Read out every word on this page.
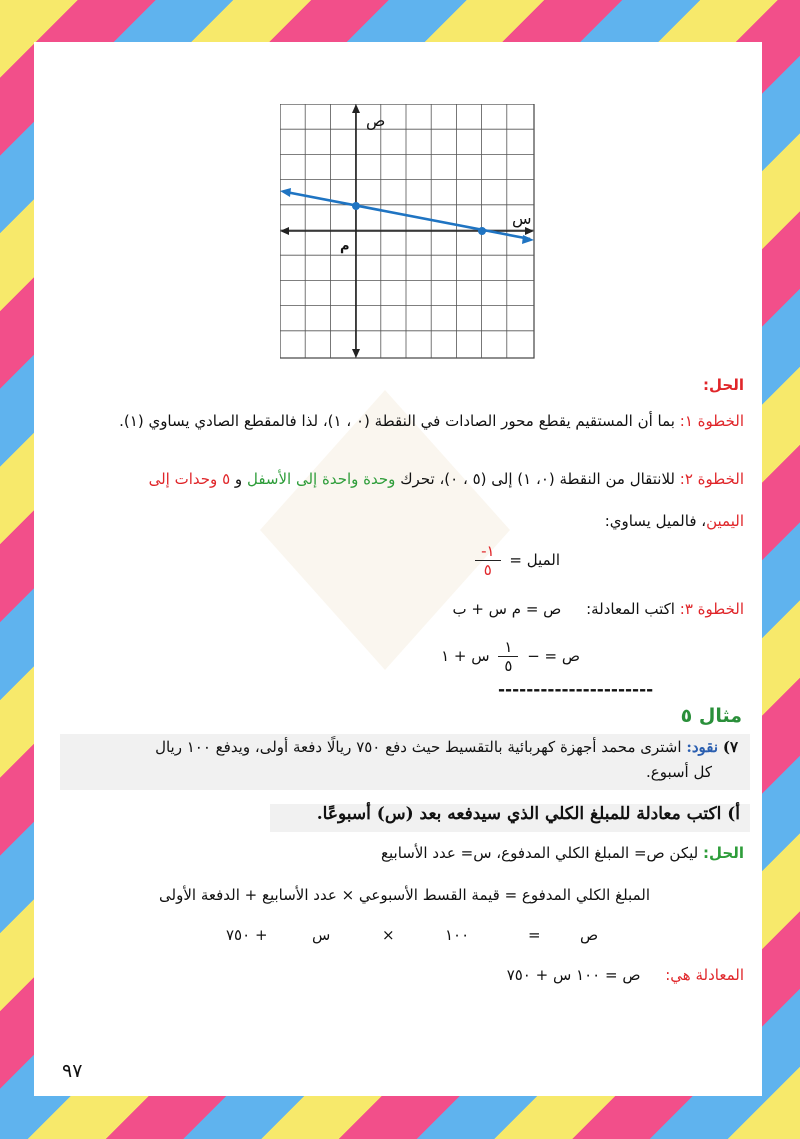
ص
س
م
الحل:
الخطوة ١: بما أن المستقيم يقطع محور الصادات في النقطة (٠ ، ١)، لذا فالمقطع الصادي يساوي (١).
الخطوة ٢: للانتقال من النقطة (٠، ١) إلى (٥ ، ٠)، تحرك وحدة واحدة إلى الأسفل و ٥ وحدات إلى
اليمين، فالميل يساوي:
الميل =
$\frac{-١}{٥}$
الخطوة ٣: اكتب المعادلة: ص = م س + ب
ص = −
$\frac{١}{٥}$
س + ١
----------------------
مثال ٥
٧) نقود: اشترى محمد أجهزة كهربائية بالتقسيط حيث دفع ٧٥٠ ريالًا دفعة أولى، ويدفع ١٠٠ ريال
كل أسبوع.
أ) اكتب معادلة للمبلغ الكلي الذي سيدفعه بعد (س) أسبوعًا.
الحل: ليكن ص= المبلغ الكلي المدفوع، س= عدد الأسابيع
المبلغ الكلي المدفوع = قيمة القسط الأسبوعي × عدد الأسابيع + الدفعة الأولى
ص
=
١٠٠
×
س
+ ٧٥٠
المعادلة هي: ص = ١٠٠ س + ٧٥٠
٩٧
